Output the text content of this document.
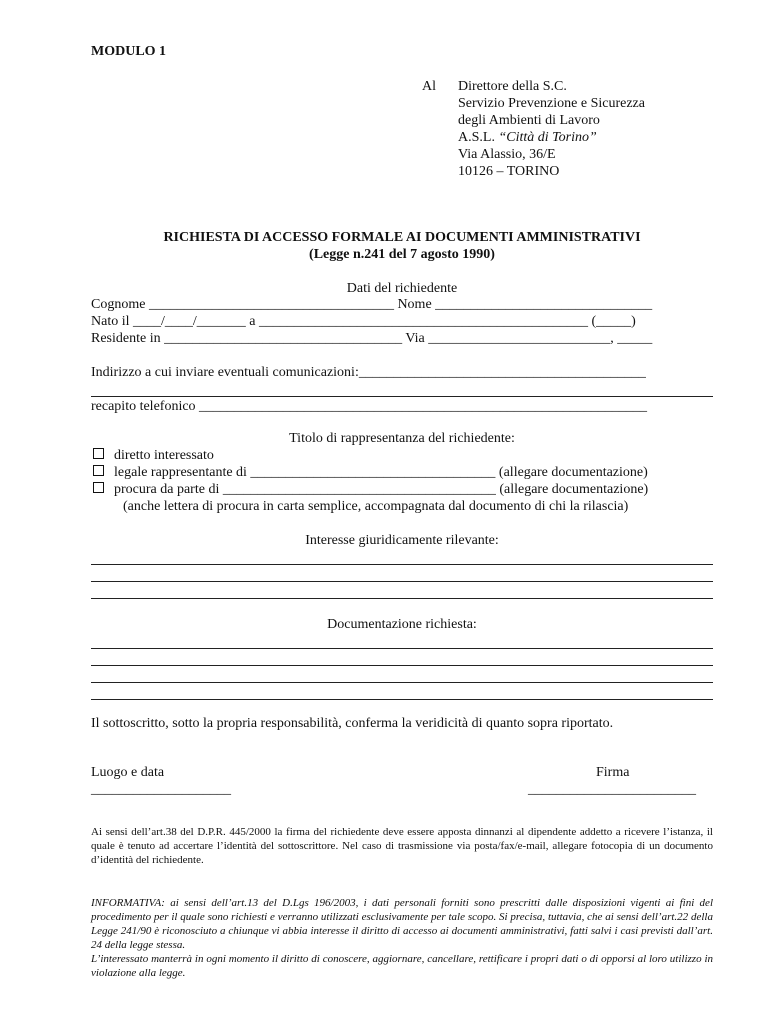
MODULO 1
Al Direttore della S.C.
Servizio Prevenzione e Sicurezza
degli Ambienti di Lavoro
A.S.L. “Città di Torino”
Via Alassio, 36/E
10126 – TORINO
RICHIESTA DI ACCESSO FORMALE AI DOCUMENTI AMMINISTRATIVI
(Legge n.241 del 7 agosto 1990)
Dati del richiedente
Cognome ___________________________________ Nome _______________________________
Nato il ____/____/_______ a _______________________________________________ (_____)
Residente in __________________________________ Via __________________________, _____
Indirizzo a cui inviare eventuali comunicazioni:_________________________________________
recapito telefonico ________________________________________________________________
Titolo di rappresentanza del richiedente:
diretto interessato
legale rappresentante di ___________________________________ (allegare documentazione)
procura da parte di _______________________________________ (allegare documentazione)
(anche lettera di procura in carta semplice, accompagnata dal documento di chi la rilascia)
Interesse giuridicamente rilevante:
Documentazione richiesta:
Il sottoscritto, sotto la propria responsabilità, conferma la veridicità di quanto sopra riportato.
Luogo e data
____________________
Firma
________________________
Ai sensi dell’art.38 del D.P.R. 445/2000 la firma del richiedente deve essere apposta dinnanzi al dipendente addetto a ricevere l’istanza, il quale è tenuto ad accertare l’identità del sottoscrittore. Nel caso di trasmissione via posta/fax/e-mail, allegare fotocopia di un documento d’identità del richiedente.
INFORMATIVA: ai sensi dell’art.13 del D.Lgs 196/2003, i dati personali forniti sono prescritti dalle disposizioni vigenti ai fini del procedimento per il quale sono richiesti e verranno utilizzati esclusivamente per tale scopo. Si precisa, tuttavia, che ai sensi dell’art.22 della Legge 241/90 è riconosciuto a chiunque vi abbia interesse il diritto di accesso ai documenti amministrativi, fatti salvi i casi previsti dall’art. 24 della legge stessa.
L’interessato manterrà in ogni momento il diritto di conoscere, aggiornare, cancellare, rettificare i propri dati o di opporsi al loro utilizzo in violazione alla legge.
